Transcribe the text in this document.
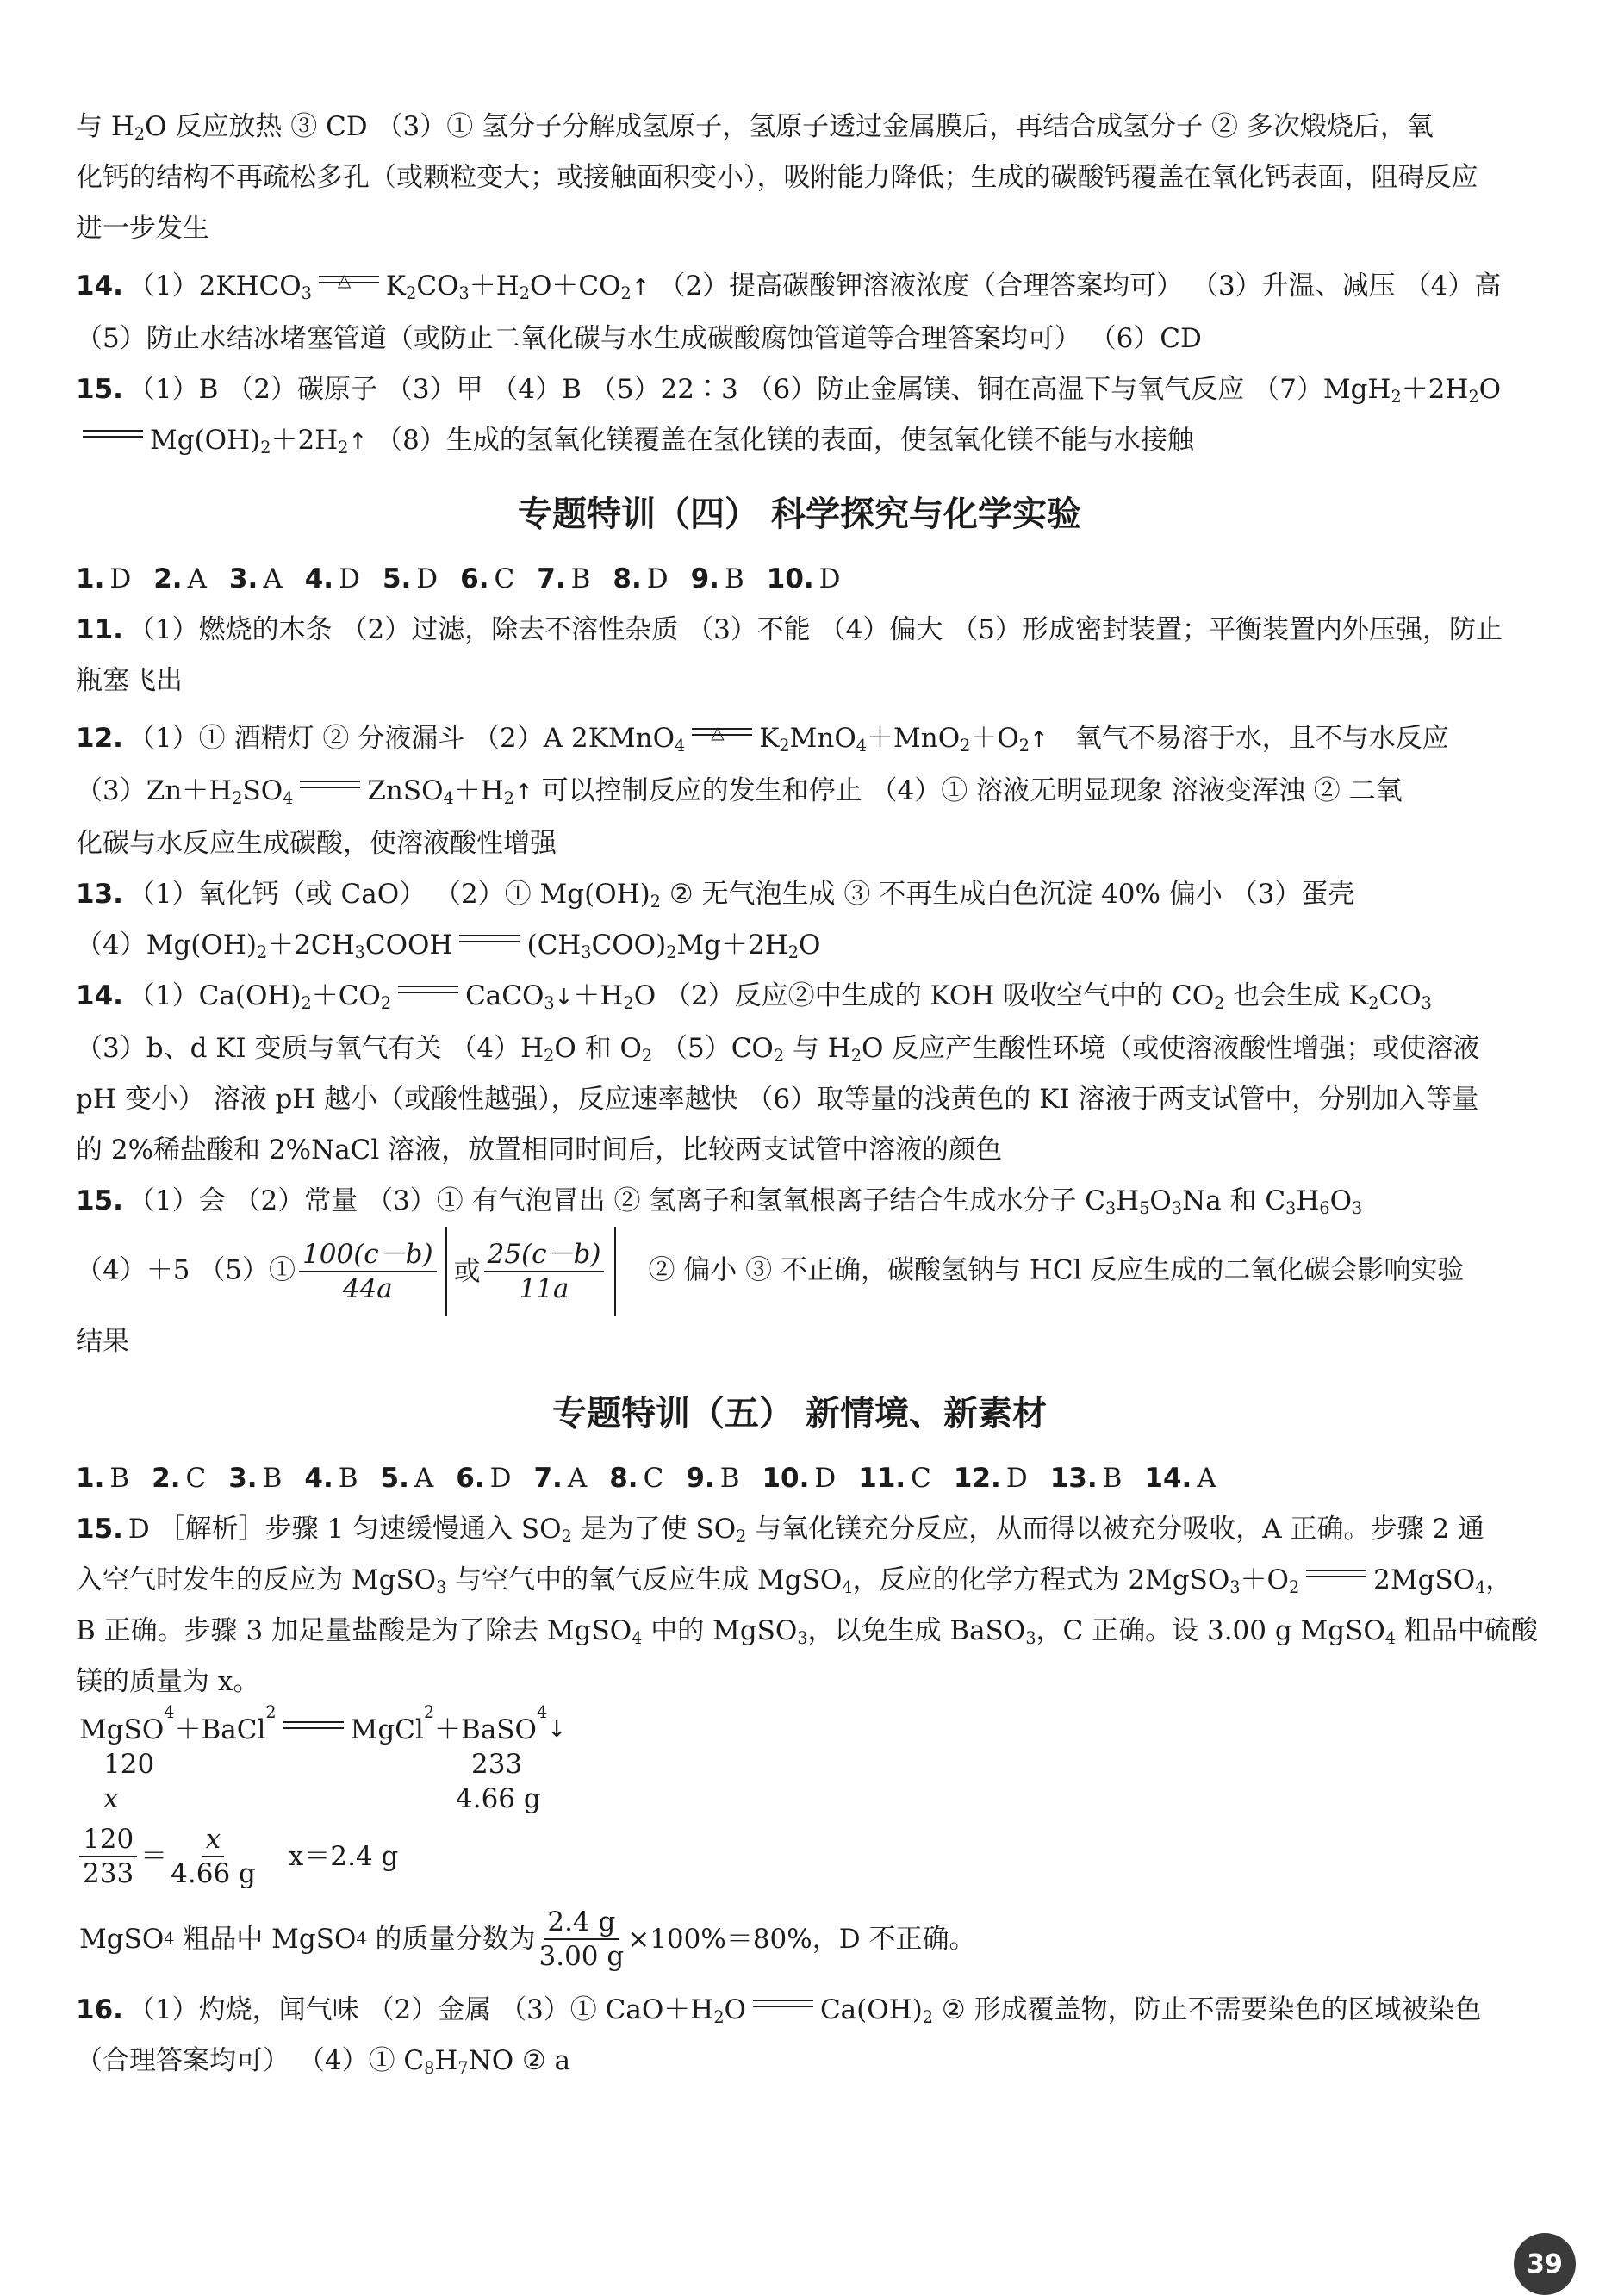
与 $H_2O$ 反应放热 ③ CD （3）① 氢分子分解成氢原子，氢原子透过金属膜后，再结合成氢分子 ② 多次煅烧后，氧

化钙的结构不再疏松多孔（或颗粒变大；或接触面积变小），吸附能力降低；生成的碳酸钙覆盖在氧化钙表面，阻碍反应

进一步发生

14. $(1)2KHCO_3$
△ $K_2CO_3+H_2O+CO_2↑$ （2）提高碳酸钾溶液浓度（合理答案均可） （3）升温、减压 （4）高

（5）防止水结冰堵塞管道（或防止二氧化碳与水生成碳酸腐蚀管道等合理答案均可） （6）CD

15. （1）B （2）碳原子 （3）甲 （4）B （5）22∶3 （6）防止金属镁、铜在高温下与氧气反应 $(7)MgH_2+2H_2O$

$Mg(OH)_2+2H_2↑$ （8）生成的氢氧化镁覆盖在氢化镁的表面，使氢氧化镁不能与水接触

专题特训（四） 科学探究与化学实验

1. D 2. A 3. A 4. D 5. D 6. C 7. B 8. D 9. B 10. D

11. （1）燃烧的木条 （2）过滤，除去不溶性杂质 （3）不能 （4）偏大 （5）形成密封装置；平衡装置内外压强，防止

瓶塞飞出

12. （1）① 酒精灯 ② 分液漏斗 （2）A 2KMnO$_4$
△ $K_2MnO_4+MnO_2+O_2↑$　 氧气不易溶于水，且不与水反应

$(3)Zn+H_2SO_4$	$ZnSO_4+H_2↑$ 可以控制反应的发生和停止 （4）① 溶液无明显现象 溶液变浑浊 ② 二氧

化碳与水反应生成碳酸，使溶液酸性增强

13. （1）氧化钙（或 CaO） （2）① $Mg(OH)_2$ ② 无气泡生成 ③ 不再生成白色沉淀 40% 偏小 （3）蛋壳

$(4)Mg(OH)_2+2CH_3COOH$	$(CH_3COO)_2Mg+2H_2O$

14. $(1)Ca(OH)_2+CO_2$	$CaCO_3↓+H_2O$ （2）反应②中生成的 KOH 吸收空气中的 $CO_2$ 也会生成 $K_2CO_3$

（3）b、d KI 变质与氧气有关 $(4)H_2O$ 和 $O_2$ $(5)CO_2$ 与 $H_2O$ 反应产生酸性环境（或使溶液酸性增强；或使溶液

pH 变小） 溶液 pH 越小（或酸性越强），反应速率越快 （6）取等量的浅黄色的 KI 溶液于两支试管中，分别加入等量

的 2%稀盐酸和 2%NaCl 溶液，放置相同时间后，比较两支试管中溶液的颜色

15. （1）会 （2）常量 （3）① 有气泡冒出 ② 氢离子和氢氧根离子结合生成水分子 $C_3H_5O_3Na$ 和 $C_3H_6O_3$

（4）＋5 （5）① $\frac{100(c-b)}{44a}$ 或 $\frac{25(c-b)}{11a}$
　 ② 偏小 ③ 不正确，碳酸氢钠与 HCl 反应生成的二氧化碳会影响实验

结果

专题特训（五） 新情境、新素材

1. B 2. C 3. B 4. B 5. A 6. D 7. A 8. C 9. B 10. D 11. C 12. D 13. B 14. A

15. D ［解析］步骤 1 匀速缓慢通入 $SO_2$ 是为了使 $SO_2$ 与氧化镁充分反应，从而得以被充分吸收，A 正确。步骤 2 通

入空气时发生的反应为 MgSO$_3$ 与空气中的氧气反应生成 MgSO$_4$，反应的化学方程式为 $2MgSO_3+O_2$	2MgSO$_4$，

B 正确。步骤 3 加足量盐酸是为了除去 MgSO$_4$ 中的 MgSO$_3$，以免生成 BaSO$_3$，C 正确。设 3.00 g MgSO$_4$ 粗品中硫酸

镁的质量为 x。

MgSO
4
＋BaCl
2
MgCl
2
＋BaSO
4
↓
120	233
x	4.66 g
$\frac{120}{233} = \frac{x}{4.66 g} x=2.4$ g
MgSO 4
粗品中 MgSO 4
的质量分数为 $\frac{2.4 g}{3.00 g} \times 100\%=80\%$，D 不正确。

16. （1）灼烧，闻气味 （2）金属 （3）① $CaO+H_2O$	$Ca(OH)_2$ ② 形成覆盖物，防止不需要染色的区域被染色

（合理答案均可） （4）① $C_8H_7NO$ ② a

39
